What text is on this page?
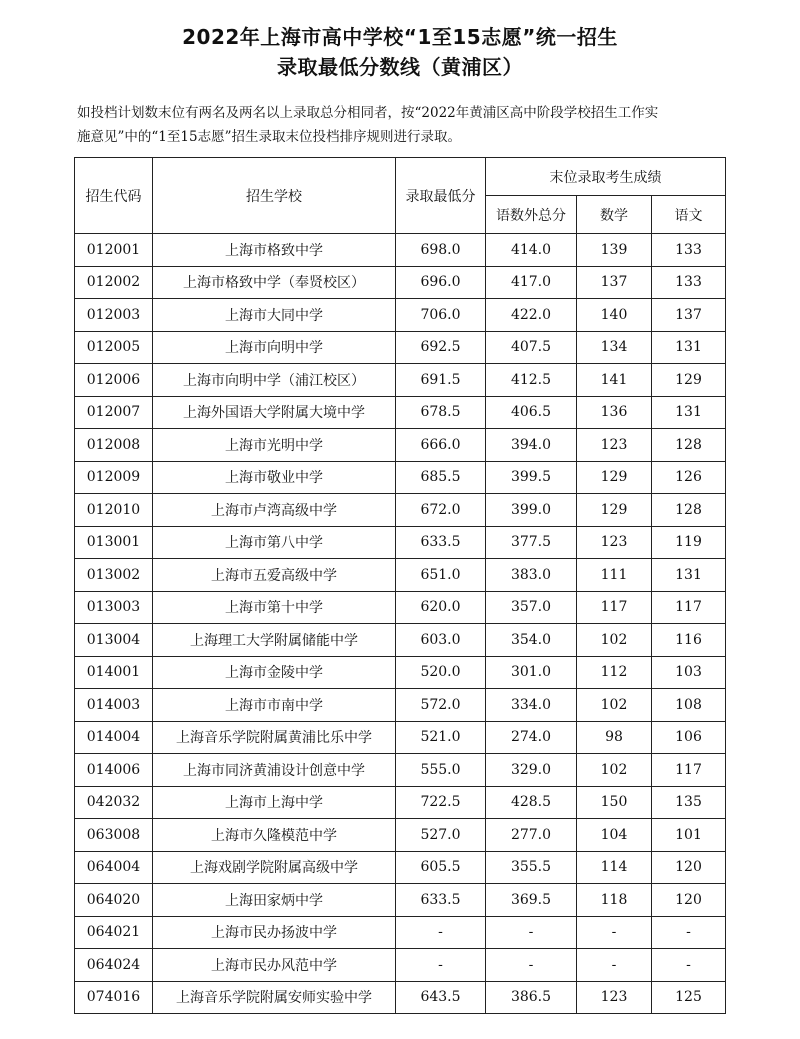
2022年上海市高中学校“1至15志愿”统一招生
录取最低分数线（黄浦区）
如投档计划数末位有两名及两名以上录取总分相同者，按“2022年黄浦区高中阶段学校招生工作实
施意见”中的“1至15志愿”招生录取末位投档排序规则进行录取。
招生代码	招生学校	录取最低分	末位录取考生成绩		
			语数外总分	数学	语文
012001	上海市格致中学	698.0	414.0	139	133
012002	上海市格致中学（奉贤校区）	696.0	417.0	137	133
012003	上海市大同中学	706.0	422.0	140	137
012005	上海市向明中学	692.5	407.5	134	131
012006	上海市向明中学（浦江校区）	691.5	412.5	141	129
012007	上海外国语大学附属大境中学	678.5	406.5	136	131
012008	上海市光明中学	666.0	394.0	123	128
012009	上海市敬业中学	685.5	399.5	129	126
012010	上海市卢湾高级中学	672.0	399.0	129	128
013001	上海市第八中学	633.5	377.5	123	119
013002	上海市五爱高级中学	651.0	383.0	111	131
013003	上海市第十中学	620.0	357.0	117	117
013004	上海理工大学附属储能中学	603.0	354.0	102	116
014001	上海市金陵中学	520.0	301.0	112	103
014003	上海市市南中学	572.0	334.0	102	108
014004	上海音乐学院附属黄浦比乐中学	521.0	274.0	98	106
014006	上海市同济黄浦设计创意中学	555.0	329.0	102	117
042032	上海市上海中学	722.5	428.5	150	135
063008	上海市久隆模范中学	527.0	277.0	104	101
064004	上海戏剧学院附属高级中学	605.5	355.5	114	120
064020	上海田家炳中学	633.5	369.5	118	120
064021	上海市民办扬波中学	-	-	-	-
064024	上海市民办风范中学	-	-	-	-
074016	上海音乐学院附属安师实验中学	643.5	386.5	123	125
